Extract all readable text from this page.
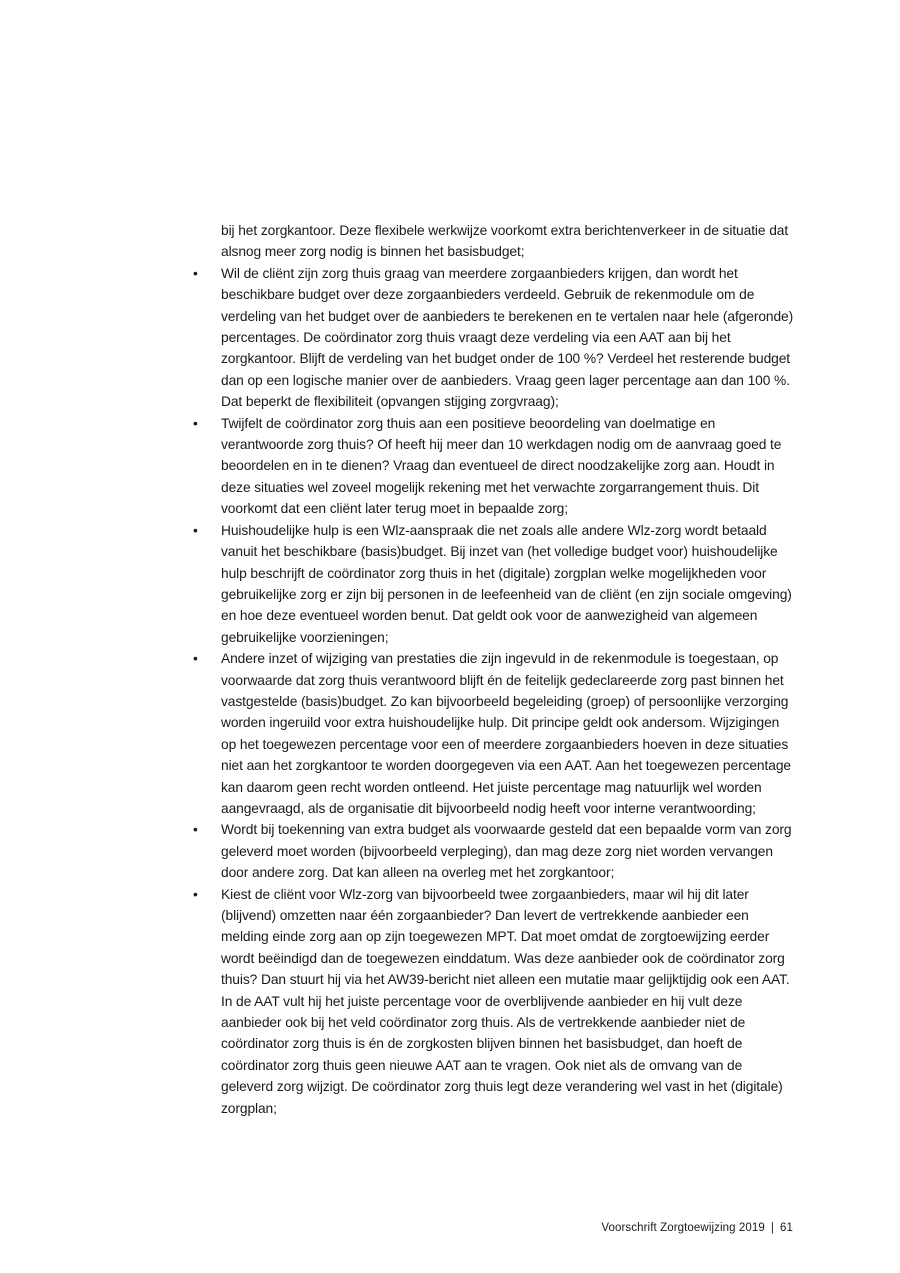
bij het zorgkantoor. Deze flexibele werkwijze voorkomt extra berichtenverkeer in de situatie dat alsnog meer zorg nodig is binnen het basisbudget;

• Wil de cliënt zijn zorg thuis graag van meerdere zorgaanbieders krijgen, dan wordt het beschikbare budget over deze zorgaanbieders verdeeld. Gebruik de rekenmodule om de verdeling van het budget over de aanbieders te berekenen en te vertalen naar hele (afgeronde) percentages. De coördinator zorg thuis vraagt deze verdeling via een AAT aan bij het zorgkantoor. Blijft de verdeling van het budget onder de 100 %? Verdeel het resterende budget dan op een logische manier over de aanbieders. Vraag geen lager percentage aan dan 100 %. Dat beperkt de flexibiliteit (opvangen stijging zorgvraag);
• Twijfelt de coördinator zorg thuis aan een positieve beoordeling van doelmatige en verantwoorde zorg thuis? Of heeft hij meer dan 10 werkdagen nodig om de aanvraag goed te beoordelen en in te dienen? Vraag dan eventueel de direct noodzakelijke zorg aan. Houdt in deze situaties wel zoveel mogelijk rekening met het verwachte zorgarrangement thuis. Dit voorkomt dat een cliënt later terug moet in bepaalde zorg;
• Huishoudelijke hulp is een Wlz-aanspraak die net zoals alle andere Wlz-zorg wordt betaald vanuit het beschikbare (basis)budget. Bij inzet van (het volledige budget voor) huishoudelijke hulp beschrijft de coördinator zorg thuis in het (digitale) zorgplan welke mogelijkheden voor gebruikelijke zorg er zijn bij personen in de leefeenheid van de cliënt (en zijn sociale omgeving) en hoe deze eventueel worden benut. Dat geldt ook voor de aanwezigheid van algemeen gebruikelijke voorzieningen;
• Andere inzet of wijziging van prestaties die zijn ingevuld in de rekenmodule is toegestaan, op voorwaarde dat zorg thuis verantwoord blijft én de feitelijk gedeclareerde zorg past binnen het vastgestelde (basis)budget. Zo kan bijvoorbeeld begeleiding (groep) of persoonlijke verzorging worden ingeruild voor extra huishoudelijke hulp. Dit principe geldt ook andersom. Wijzigingen op het toegewezen percentage voor een of meerdere zorgaanbieders hoeven in deze situaties niet aan het zorgkantoor te worden doorgegeven via een AAT. Aan het toegewezen percentage kan daarom geen recht worden ontleend. Het juiste percentage mag natuurlijk wel worden aangevraagd, als de organisatie dit bijvoorbeeld nodig heeft voor interne verantwoording;
• Wordt bij toekenning van extra budget als voorwaarde gesteld dat een bepaalde vorm van zorg geleverd moet worden (bijvoorbeeld verpleging), dan mag deze zorg niet worden vervangen door andere zorg. Dat kan alleen na overleg met het zorgkantoor;
• Kiest de cliënt voor Wlz-zorg van bijvoorbeeld twee zorgaanbieders, maar wil hij dit later (blijvend) omzetten naar één zorgaanbieder? Dan levert de vertrekkende aanbieder een melding einde zorg aan op zijn toegewezen MPT. Dat moet omdat de zorgtoewijzing eerder wordt beëindigd dan de toegewezen einddatum. Was deze aanbieder ook de coördinator zorg thuis? Dan stuurt hij via het AW39-bericht niet alleen een mutatie maar gelijktijdig ook een AAT. In de AAT vult hij het juiste percentage voor de overblijvende aanbieder en hij vult deze aanbieder ook bij het veld coördinator zorg thuis. Als de vertrekkende aanbieder niet de coördinator zorg thuis is én de zorgkosten blijven binnen het basisbudget, dan hoeft de coördinator zorg thuis geen nieuwe AAT aan te vragen. Ook niet als de omvang van de geleverd zorg wijzigt. De coördinator zorg thuis legt deze verandering wel vast in het (digitale) zorgplan;
Voorschrift Zorgtoewijzing 2019 | 61
